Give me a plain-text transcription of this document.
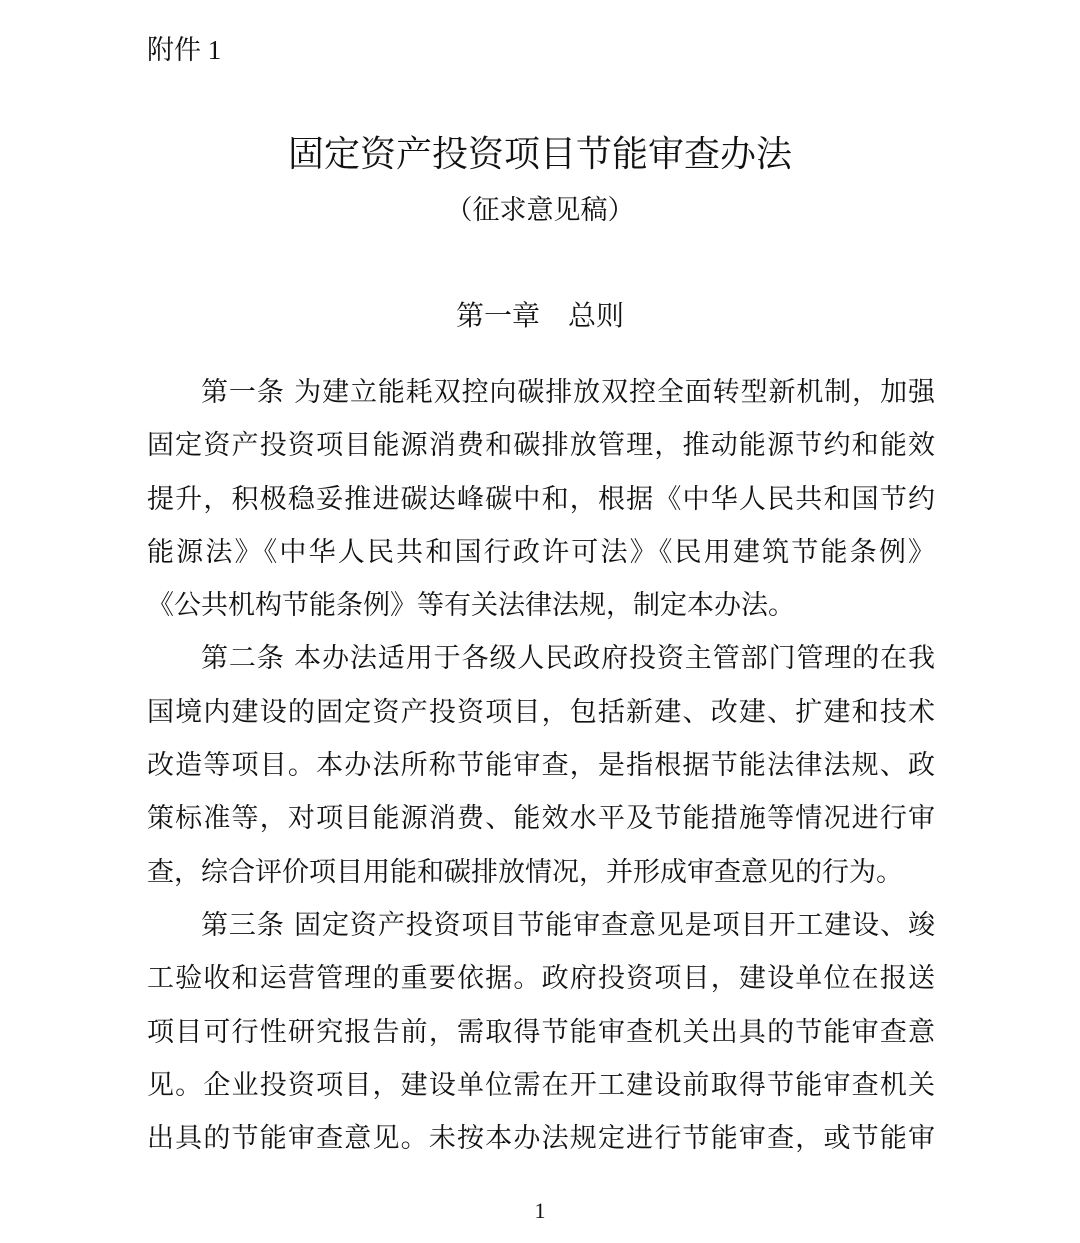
附件 1
固定资产投资项目节能审查办法
（征求意见稿）
第一章　总则
第一条 为建立能耗双控向碳排放双控全面转型新机制，加强
固定资产投资项目能源消费和碳排放管理，推动能源节约和能效
提升，积极稳妥推进碳达峰碳中和，根据《中华人民共和国节约
能源法》《中华人民共和国行政许可法》《民用建筑节能条例》
《公共机构节能条例》等有关法律法规，制定本办法。
第二条 本办法适用于各级人民政府投资主管部门管理的在我
国境内建设的固定资产投资项目，包括新建、改建、扩建和技术
改造等项目。本办法所称节能审查，是指根据节能法律法规、政
策标准等，对项目能源消费、能效水平及节能措施等情况进行审
查，综合评价项目用能和碳排放情况，并形成审查意见的行为。
第三条 固定资产投资项目节能审查意见是项目开工建设、竣
工验收和运营管理的重要依据。政府投资项目，建设单位在报送
项目可行性研究报告前，需取得节能审查机关出具的节能审查意
见。企业投资项目，建设单位需在开工建设前取得节能审查机关
出具的节能审查意见。未按本办法规定进行节能审查，或节能审
1
